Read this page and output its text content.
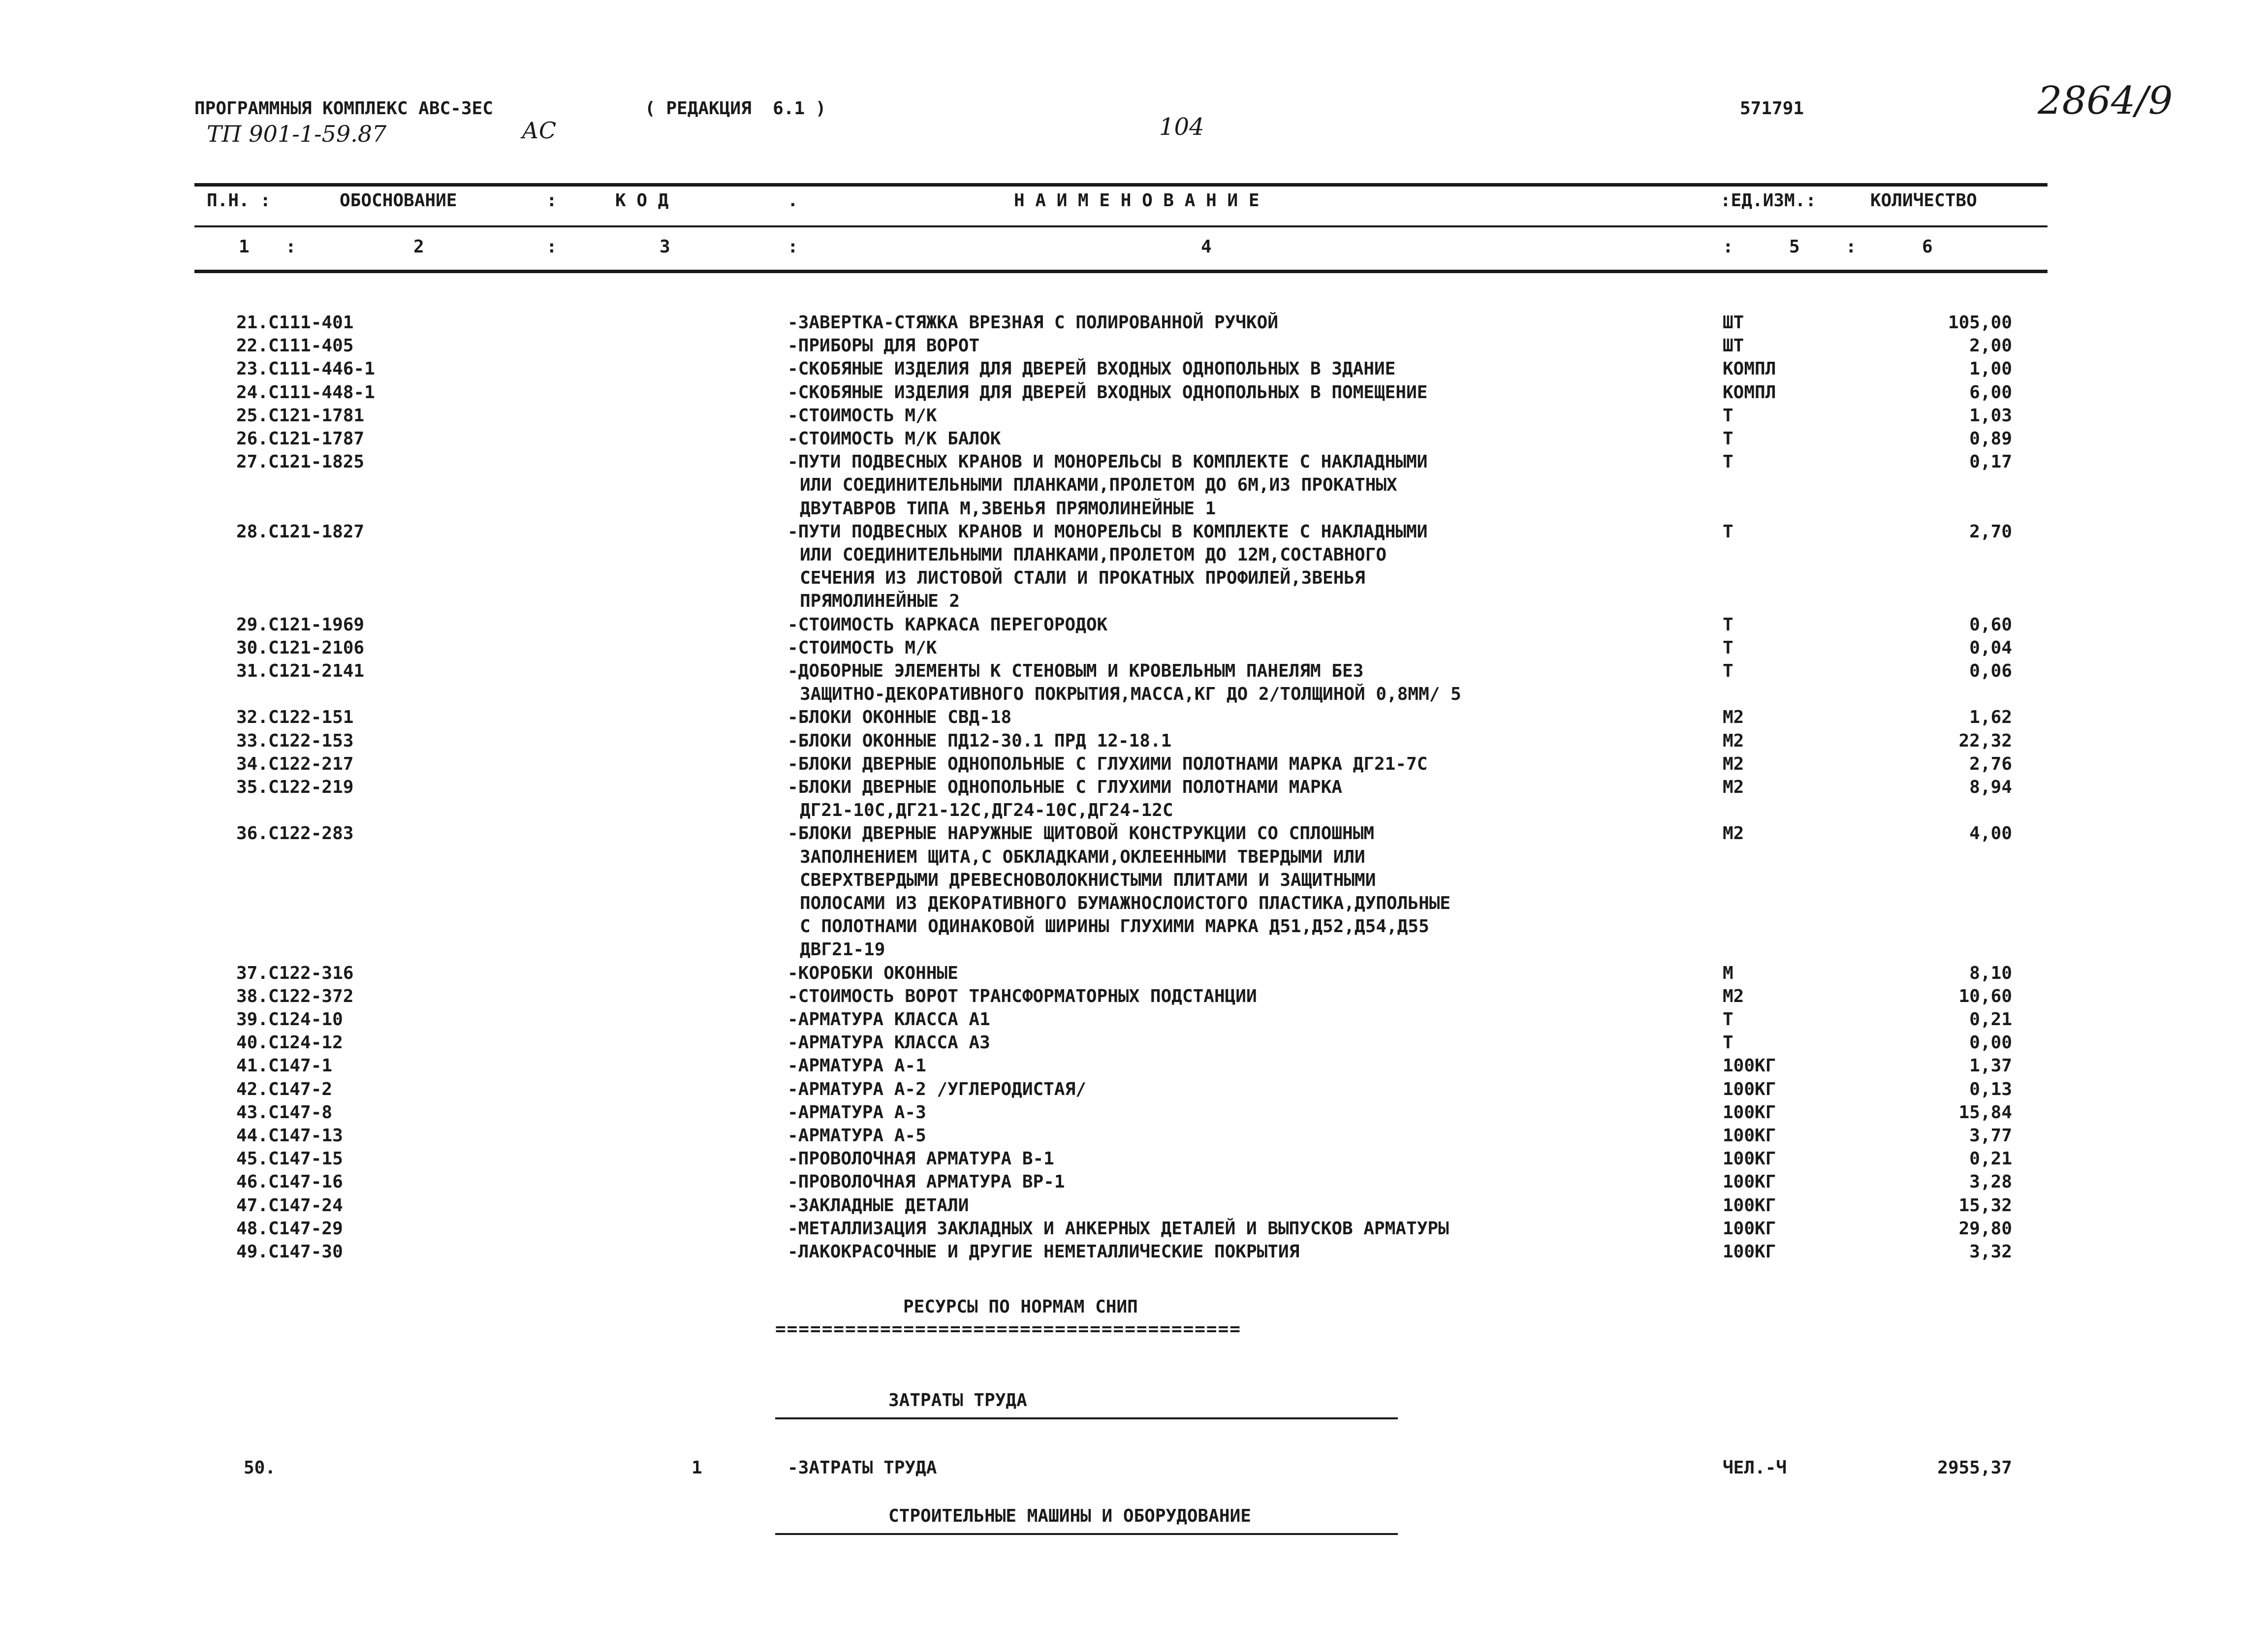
ПРОГРАММНЫЯ КОМПЛЕКС АВС-3ЕС	( РЕДАКЦИЯ  6.1 )
ТП 901-1-59.87	АС	104
571791	2864/9
П.Н. :	ОБОСНОВАНИЕ	:	К О Д	.	Н А И М Е Н О В А Н И Е	:ЕД.ИЗМ.:	КОЛИЧЕСТВО
1 :	2	:	3	:	4	:	5	:	6
21.С111-401	-ЗАВЕРТКА-СТЯЖКА ВРЕЗНАЯ С ПОЛИРОВАННОЙ РУЧКОЙ	ШТ	105,00
22.С111-405	-ПРИБОРЫ ДЛЯ ВОРОТ	ШТ	2,00
23.С111-446-1	-СКОБЯНЫЕ ИЗДЕЛИЯ ДЛЯ ДВЕРЕЙ ВХОДНЫХ ОДНОПОЛЬНЫХ В ЗДАНИЕ	КОМПЛ	1,00
24.С111-448-1	-СКОБЯНЫЕ ИЗДЕЛИЯ ДЛЯ ДВЕРЕЙ ВХОДНЫХ ОДНОПОЛЬНЫХ В ПОМЕЩЕНИЕ	КОМПЛ	6,00
25.С121-1781	-СТОИМОСТЬ М/К	Т	1,03
26.С121-1787	-СТОИМОСТЬ М/К БАЛОК	Т	0,89
27.С121-1825	-ПУТИ ПОДВЕСНЫХ КРАНОВ И МОНОРЕЛЬСЫ В КОМПЛЕКТЕ С НАКЛАДНЫМИ	Т	0,17
ИЛИ СОЕДИНИТЕЛЬНЫМИ ПЛАНКАМИ,ПРОЛЕТОМ ДО 6М,ИЗ ПРОКАТНЫХ
ДВУТАВРОВ ТИПА М,ЗВЕНЬЯ ПРЯМОЛИНЕЙНЫЕ 1
28.С121-1827	-ПУТИ ПОДВЕСНЫХ КРАНОВ И МОНОРЕЛЬСЫ В КОМПЛЕКТЕ С НАКЛАДНЫМИ	Т	2,70
ИЛИ СОЕДИНИТЕЛЬНЫМИ ПЛАНКАМИ,ПРОЛЕТОМ ДО 12М,СОСТАВНОГО
СЕЧЕНИЯ ИЗ ЛИСТОВОЙ СТАЛИ И ПРОКАТНЫХ ПРОФИЛЕЙ,ЗВЕНЬЯ
ПРЯМОЛИНЕЙНЫЕ 2
29.С121-1969	-СТОИМОСТЬ КАРКАСА ПЕРЕГОРОДОК	Т	0,60
30.С121-2106	-СТОИМОСТЬ М/К	Т	0,04
31.С121-2141	-ДОБОРНЫЕ ЭЛЕМЕНТЫ К СТЕНОВЫМ И КРОВЕЛЬНЫМ ПАНЕЛЯМ БЕЗ	Т	0,06
ЗАЩИТНО-ДЕКОРАТИВНОГО ПОКРЫТИЯ,МАССА,КГ ДО 2/ТОЛЩИНОЙ 0,8ММ/ 5
32.С122-151	-БЛОКИ ОКОННЫЕ СВД-18	М2	1,62
33.С122-153	-БЛОКИ ОКОННЫЕ ПД12-30.1 ПРД 12-18.1	М2	22,32
34.С122-217	-БЛОКИ ДВЕРНЫЕ ОДНОПОЛЬНЫЕ С ГЛУХИМИ ПОЛОТНАМИ МАРКА ДГ21-7С	М2	2,76
35.С122-219	-БЛОКИ ДВЕРНЫЕ ОДНОПОЛЬНЫЕ С ГЛУХИМИ ПОЛОТНАМИ МАРКА	М2	8,94
ДГ21-10С,ДГ21-12С,ДГ24-10С,ДГ24-12С
36.С122-283	-БЛОКИ ДВЕРНЫЕ НАРУЖНЫЕ ЩИТОВОЙ КОНСТРУКЦИИ СО СПЛОШНЫМ	М2	4,00
ЗАПОЛНЕНИЕМ ЩИТА,С ОБКЛАДКАМИ,ОКЛЕЕННЫМИ ТВЕРДЫМИ ИЛИ
СВЕРХТВЕРДЫМИ ДРЕВЕСНОВОЛОКНИСТЫМИ ПЛИТАМИ И ЗАЩИТНЫМИ
ПОЛОСАМИ ИЗ ДЕКОРАТИВНОГО БУМАЖНОСЛОИСТОГО ПЛАСТИКА,ДУПОЛЬНЫЕ
С ПОЛОТНАМИ ОДИНАКОВОЙ ШИРИНЫ ГЛУХИМИ МАРКА Д51,Д52,Д54,Д55
ДВГ21-19
37.С122-316	-КОРОБКИ ОКОННЫЕ	М	8,10
38.С122-372	-СТОИМОСТЬ ВОРОТ ТРАНСФОРМАТОРНЫХ ПОДСТАНЦИИ	М2	10,60
39.С124-10	-АРМАТУРА КЛАССА А1	Т	0,21
40.С124-12	-АРМАТУРА КЛАССА А3	Т	0,00
41.С147-1	-АРМАТУРА А-1	100КГ	1,37
42.С147-2	-АРМАТУРА А-2 /УГЛЕРОДИСТАЯ/	100КГ	0,13
43.С147-8	-АРМАТУРА А-3	100КГ	15,84
44.С147-13	-АРМАТУРА А-5	100КГ	3,77
45.С147-15	-ПРОВОЛОЧНАЯ АРМАТУРА В-1	100КГ	0,21
46.С147-16	-ПРОВОЛОЧНАЯ АРМАТУРА ВР-1	100КГ	3,28
47.С147-24	-ЗАКЛАДНЫЕ ДЕТАЛИ	100КГ	15,32
48.С147-29	-МЕТАЛЛИЗАЦИЯ ЗАКЛАДНЫХ И АНКЕРНЫХ ДЕТАЛЕЙ И ВЫПУСКОВ АРМАТУРЫ	100КГ	29,80
49.С147-30	-ЛАКОКРАСОЧНЫЕ И ДРУГИЕ НЕМЕТАЛЛИЧЕСКИЕ ПОКРЫТИЯ	100КГ	3,32
РЕСУРСЫ ПО НОРМАМ СНИП
========================================
ЗАТРАТЫ ТРУДА
50.	1	-ЗАТРАТЫ ТРУДА	ЧЕЛ.-Ч	2955,37
СТРОИТЕЛЬНЫЕ МАШИНЫ И ОБОРУДОВАНИЕ
